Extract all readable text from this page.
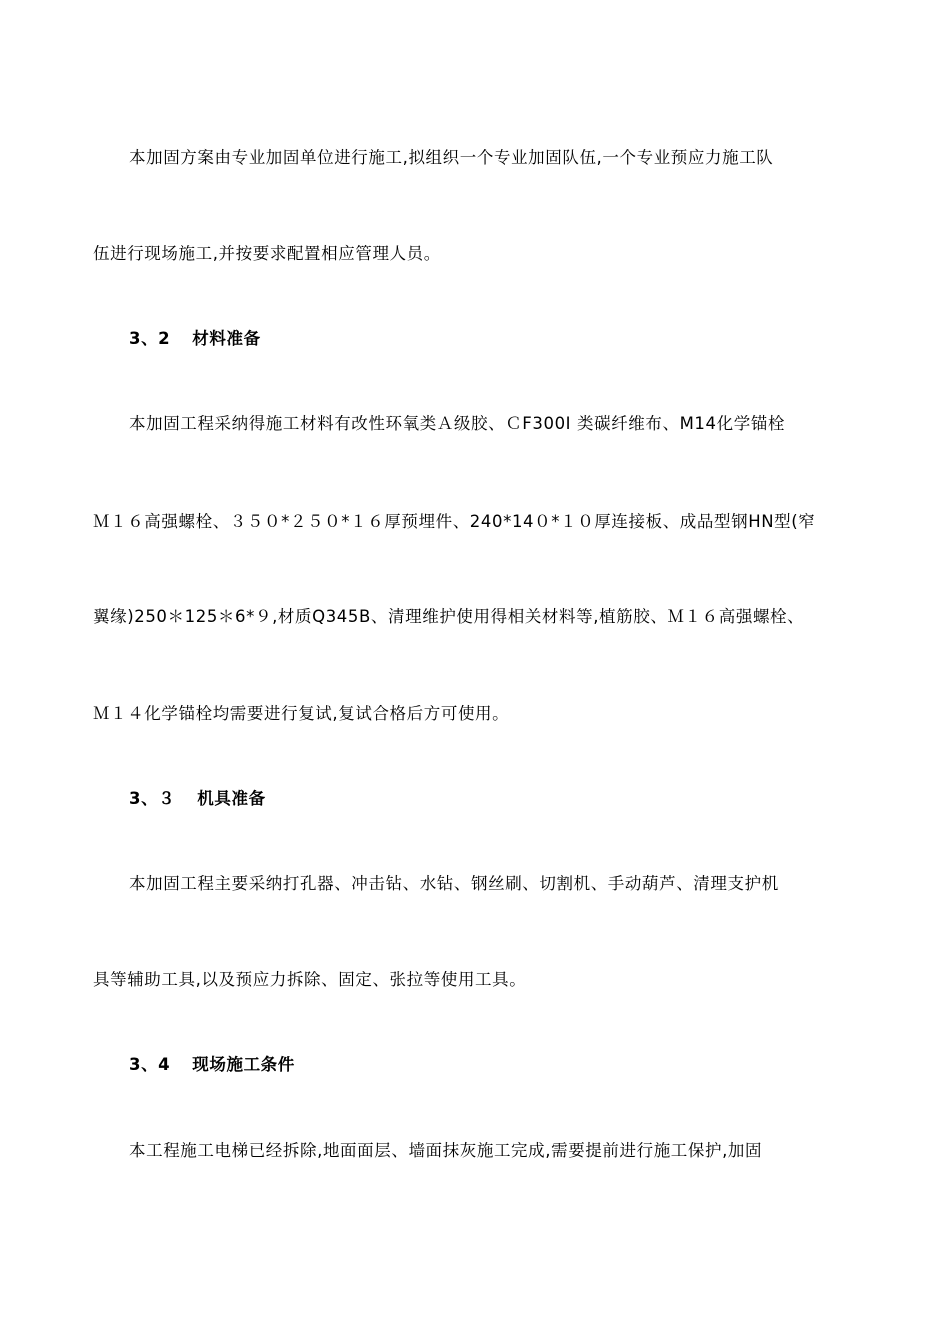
本加固方案由专业加固单位进行施工,拟组织一个专业加固队伍,一个专业预应力施工队
伍进行现场施工,并按要求配置相应管理人员。
3、2 材料准备
本加固工程采纳得施工材料有改性环氧类Ａ级胶、ＣF300Ⅰ 类碳纤维布、M14化学锚栓
Ｍ１６高强螺栓、３５０*２５０*１６厚预埋件、240*14０*１０厚连接板、成品型钢HN型(窄
翼缘)250＊125＊6*９,材质Q345B、清理维护使用得相关材料等,植筋胶、Ｍ１６高强螺栓、
Ｍ１４化学锚栓均需要进行复试,复试合格后方可使用。
3、３ 机具准备
本加固工程主要采纳打孔器、冲击钻、水钻、钢丝刷、切割机、手动葫芦、清理支护机
具等辅助工具,以及预应力拆除、固定、张拉等使用工具。
3、4 现场施工条件
本工程施工电梯已经拆除,地面面层、墙面抹灰施工完成,需要提前进行施工保护,加固
